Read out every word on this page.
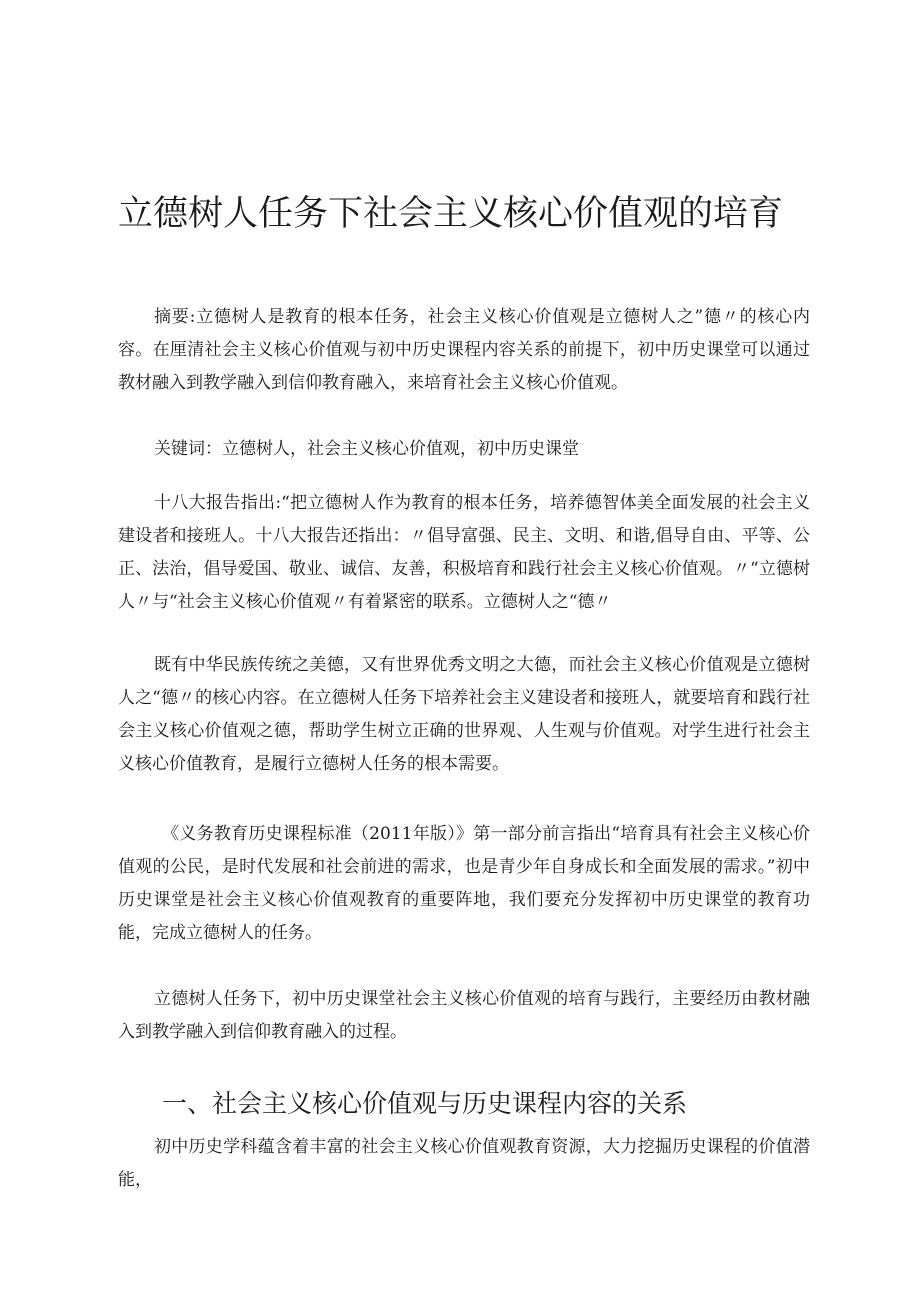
立德树人任务下社会主义核心价值观的培育

摘要:立德树人是教育的根本任务，社会主义核心价值观是立德树人之”德〃的核心内容。在厘清社会主义核心价值观与初中历史课程内容关系的前提下，初中历史课堂可以通过教材融入到教学融入到信仰教育融入，来培育社会主义核心价值观。

关键词：立德树人，社会主义核心价值观，初中历史课堂

十八大报告指出:“把立德树人作为教育的根本任务，培养德智体美全面发展的社会主义建设者和接班人。十八大报告还指出：〃倡导富强、民主、文明、和谐,倡导自由、平等、公正、法治，倡导爱国、敬业、诚信、友善，积极培育和践行社会主义核心价值观。〃“立德树人〃与“社会主义核心价值观〃有着紧密的联系。立德树人之“德〃

既有中华民族传统之美德，又有世界优秀文明之大德，而社会主义核心价值观是立德树人之“德〃的核心内容。在立德树人任务下培养社会主义建设者和接班人，就要培育和践行社会主义核心价值观之德，帮助学生树立正确的世界观、人生观与价值观。对学生进行社会主义核心价值教育，是履行立德树人任务的根本需要。

《义务教育历史课程标准（2011年版）》第一部分前言指出“培育具有社会主义核心价值观的公民，是时代发展和社会前进的需求，也是青少年自身成长和全面发展的需求。”初中历史课堂是社会主义核心价值观教育的重要阵地，我们要充分发挥初中历史课堂的教育功能，完成立德树人的任务。

立德树人任务下，初中历史课堂社会主义核心价值观的培育与践行，主要经历由教材融入到教学融入到信仰教育融入的过程。

一、社会主义核心价值观与历史课程内容的关系

初中历史学科蕴含着丰富的社会主义核心价值观教育资源，大力挖掘历史课程的价值潜能，
